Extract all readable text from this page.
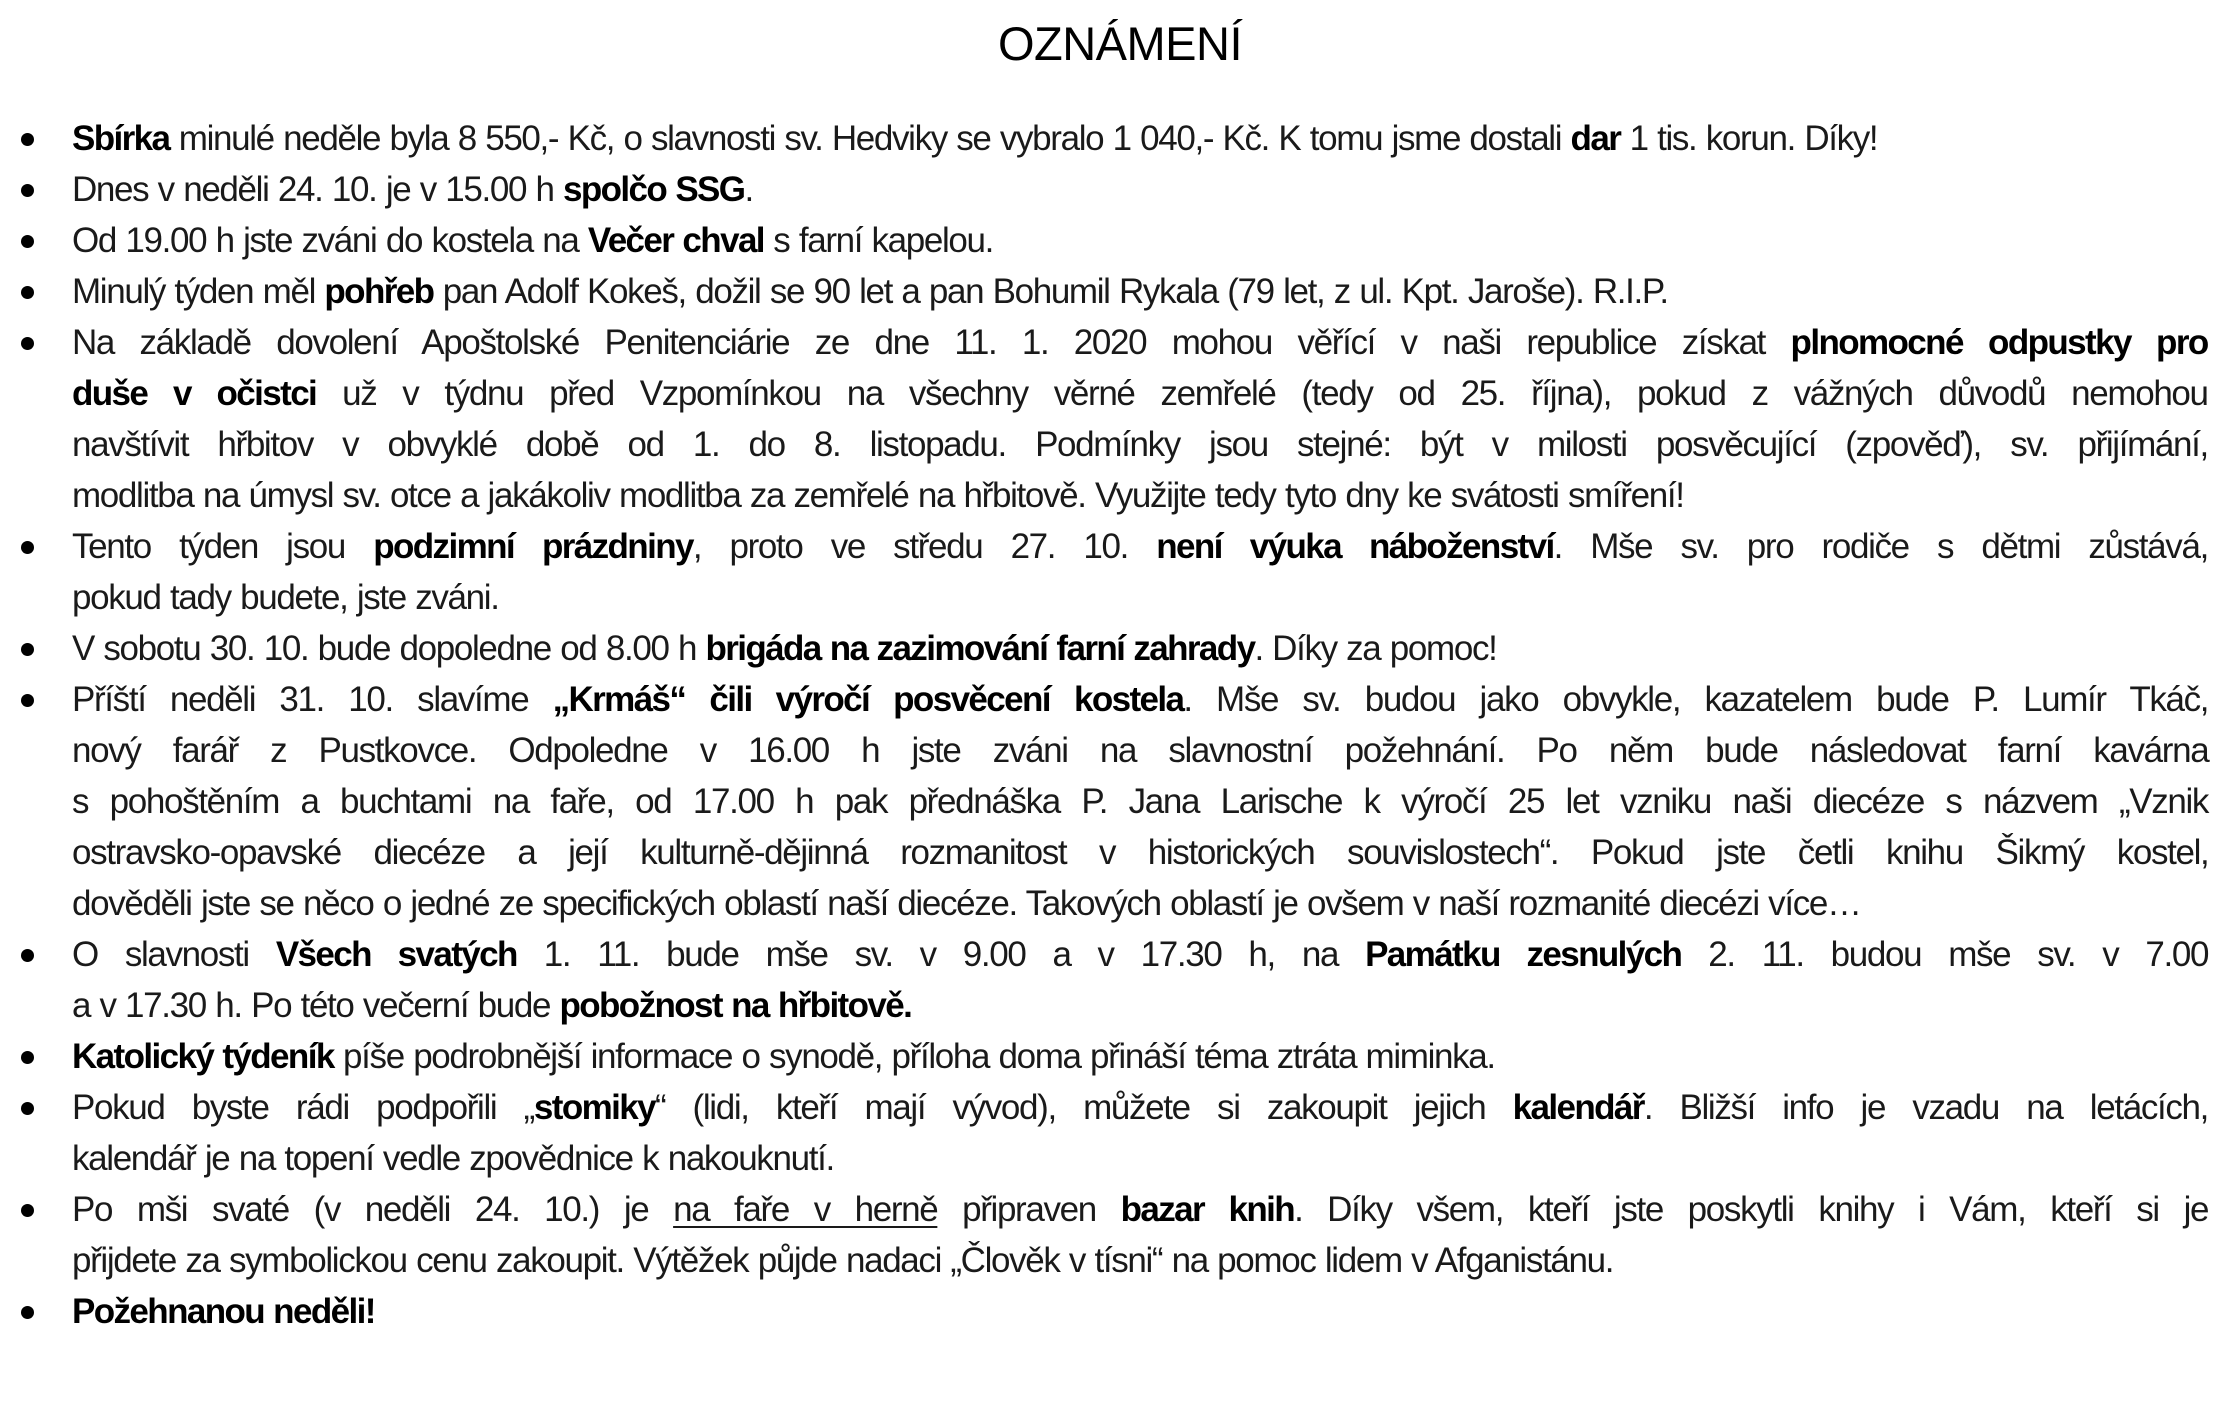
OZNÁMENÍ
Sbírka minulé neděle byla 8 550,- Kč, o slavnosti sv. Hedviky se vybralo 1 040,- Kč. K tomu jsme dostali dar 1 tis. korun. Díky!
Dnes v neděli 24. 10. je v 15.00 h spolčo SSG.
Od 19.00 h jste zváni do kostela na Večer chval s farní kapelou.
Minulý týden měl pohřeb pan Adolf Kokeš, dožil se 90 let a pan Bohumil Rykala (79 let, z ul. Kpt. Jaroše). R.I.P.
Na základě dovolení Apoštolské Penitenciárie ze dne 11. 1. 2020 mohou věřící v naši republice získat plnomocné odpustky pro
duše v očistci už v týdnu před Vzpomínkou na všechny věrné zemřelé (tedy od 25. října), pokud z vážných důvodů nemohou
navštívit hřbitov v obvyklé době od 1. do 8. listopadu. Podmínky jsou stejné: být v milosti posvěcující (zpověď), sv. přijímání,
modlitba na úmysl sv. otce a jakákoliv modlitba za zemřelé na hřbitově. Využijte tedy tyto dny ke svátosti smíření!
Tento týden jsou podzimní prázdniny, proto ve středu 27. 10. není výuka náboženství. Mše sv. pro rodiče s dětmi zůstává,
pokud tady budete, jste zváni.
V sobotu 30. 10. bude dopoledne od 8.00 h brigáda na zazimování farní zahrady. Díky za pomoc!
Příští neděli 31. 10. slavíme „Krmáš“ čili výročí posvěcení kostela. Mše sv. budou jako obvykle, kazatelem bude P. Lumír Tkáč,
nový farář z Pustkovce. Odpoledne v 16.00 h jste zváni na slavnostní požehnání. Po něm bude následovat farní kavárna
s pohoštěním a buchtami na faře, od 17.00 h pak přednáška P. Jana Larische k výročí 25 let vzniku naši diecéze s názvem „Vznik
ostravsko-opavské diecéze a její kulturně-dějinná rozmanitost v historických souvislostech“. Pokud jste četli knihu Šikmý kostel,
dověděli jste se něco o jedné ze specifických oblastí naší diecéze. Takových oblastí je ovšem v naší rozmanité diecézi více…
O slavnosti Všech svatých 1. 11. bude mše sv. v 9.00 a v 17.30 h, na Památku zesnulých 2. 11. budou mše sv. v 7.00
a v 17.30 h. Po této večerní bude pobožnost na hřbitově.
Katolický týdeník píše podrobnější informace o synodě, příloha doma přináší téma ztráta miminka.
Pokud byste rádi podpořili „stomiky“ (lidi, kteří mají vývod), můžete si zakoupit jejich kalendář. Bližší info je vzadu na letácích,
kalendář je na topení vedle zpovědnice k nakouknutí.
Po mši svaté (v neděli 24. 10.) je na faře v herně připraven bazar knih. Díky všem, kteří jste poskytli knihy i Vám, kteří si je
přijdete za symbolickou cenu zakoupit. Výtěžek půjde nadaci „Člověk v tísni“ na pomoc lidem v Afganistánu.
Požehnanou neděli!
